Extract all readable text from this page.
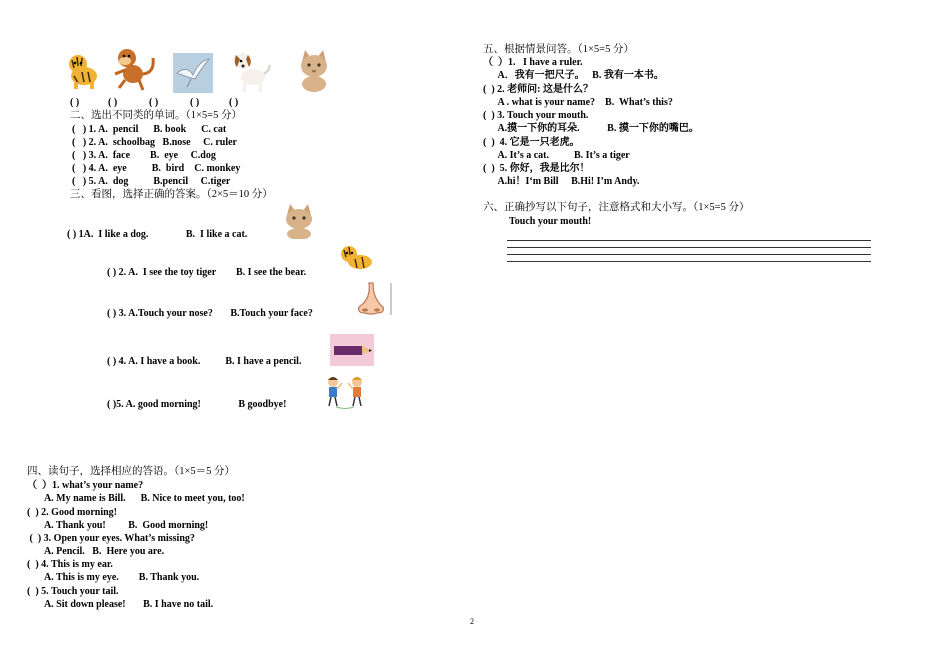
( )	( )	( )	( )	( )
二、选出不同类的单词。（1×5=5 分）
(   ) 1. A.  pencil      B. book      C. cat
(   ) 2. A.  schoolbag   B.nose     C. ruler
(   ) 3. A.  face        B.  eye     C.dog
(   ) 4. A.  eye          B.  bird    C. monkey
(   ) 5. A.  dog          B.pencil     C.tiger
三、看图，选择正确的答案。（2×5＝10 分）
( ) 1A.  I like a dog.               B.  I like a cat.
( ) 2. A.  I see the toy tiger        B. I see the bear.
( ) 3. A.Touch your nose?       B.Touch your face?
( ) 4. A. I have a book.          B. I have a pencil.
( )5. A. good morning!               B goodbye!
四、读句子，选择相应的答语。（1×5＝5 分）
（  ）1. what’s your name?
A. My name is Bill.      B. Nice to meet you, too!
(  ) 2. Good morning!
A. Thank you!         B.  Good morning!
(  ) 3. Open your eyes. What’s missing?
A. Pencil.   B.  Here you are.
(  ) 4. This is my ear.
A. This is my eye.        B. Thank you.
(  ) 5. Touch your tail.
A. Sit down please!       B. I have no tail.
五、根据情景问答。（1×5=5 分）
（  ）1.   I have a ruler.
A．我有一把尺子。   B. 我有一本书。
(  ) 2. 老师问: 这是什么？
A . what is your name?    B.  What’s this?
(  ) 3. Touch your mouth.
A.摸一下你的耳朵.           B. 摸一下你的嘴巴。
(  )  4. 它是一只老虎。
A. It’s a cat.          B. It’s a tiger
(  )  5. 你好，我是比尔！
A.hi！I‘m Bill     B.Hi! I’m Andy.
六、正确抄写以下句子，注意格式和大小写。（1×5=5 分）
Touch your mouth!
2
